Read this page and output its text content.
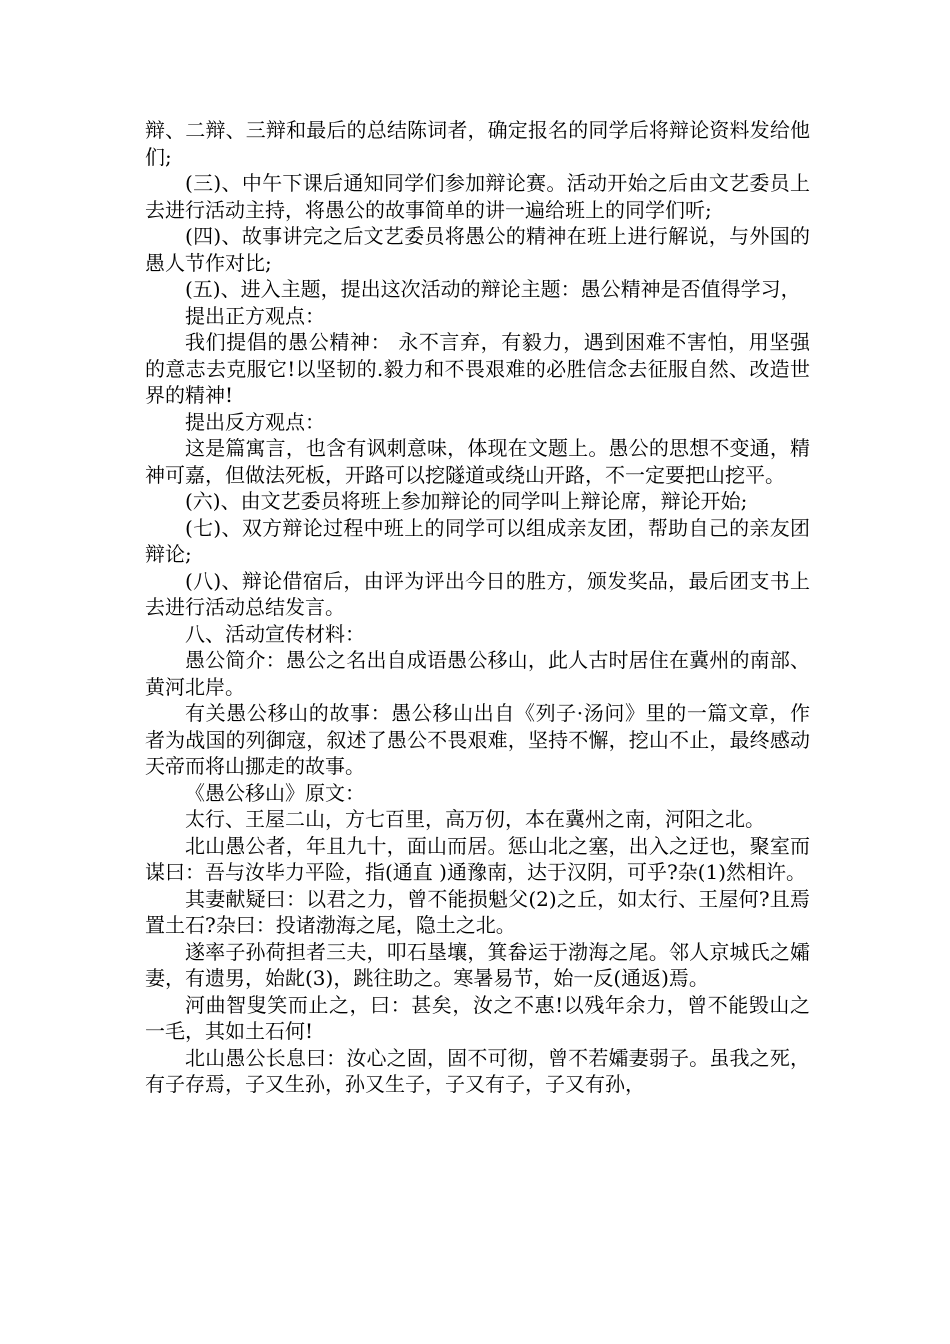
辩、二辩、三辩和最后的总结陈词者，确定报名的同学后将辩论资料发给他们;

(三)、中午下课后通知同学们参加辩论赛。活动开始之后由文艺委员上去进行活动主持，将愚公的故事简单的讲一遍给班上的同学们听;

(四)、故事讲完之后文艺委员将愚公的精神在班上进行解说，与外国的愚人节作对比;

(五)、进入主题，提出这次活动的辩论主题：愚公精神是否值得学习，

提出正方观点：

我们提倡的愚公精神： 永不言弃，有毅力，遇到困难不害怕，用坚强的意志去克服它!以坚韧的.毅力和不畏艰难的必胜信念去征服自然、改造世界的精神!

提出反方观点：

这是篇寓言，也含有讽刺意味，体现在文题上。愚公的思想不变通，精神可嘉，但做法死板，开路可以挖隧道或绕山开路，不一定要把山挖平。

(六)、由文艺委员将班上参加辩论的同学叫上辩论席，辩论开始;

(七)、双方辩论过程中班上的同学可以组成亲友团，帮助自己的亲友团辩论;

(八)、辩论借宿后，由评为评出今日的胜方，颁发奖品，最后团支书上去进行活动总结发言。

八、活动宣传材料：

愚公简介：愚公之名出自成语愚公移山，此人古时居住在冀州的南部、黄河北岸。

有关愚公移山的故事：愚公移山出自《列子·汤问》里的一篇文章，作者为战国的列御寇，叙述了愚公不畏艰难，坚持不懈，挖山不止，最终感动天帝而将山挪走的故事。

《愚公移山》原文：

太行、王屋二山，方七百里，高万仞，本在冀州之南，河阳之北。

北山愚公者，年且九十，面山而居。惩山北之塞，出入之迂也，聚室而谋曰：吾与汝毕力平险，指(通直 )通豫南，达于汉阴，可乎?杂(1)然相许。

其妻献疑曰：以君之力，曾不能损魁父(2)之丘，如太行、王屋何?且焉置土石?杂曰：投诸渤海之尾，隐土之北。

遂率子孙荷担者三夫，叩石垦壤，箕畚运于渤海之尾。邻人京城氏之孀妻，有遗男，始龀(3)，跳往助之。寒暑易节，始一反(通返)焉。

河曲智叟笑而止之，曰：甚矣，汝之不惠!以残年余力，曾不能毁山之一毛，其如土石何!

北山愚公长息曰：汝心之固，固不可彻，曾不若孀妻弱子。虽我之死，有子存焉，子又生孙，孙又生子，子又有子，子又有孙，
